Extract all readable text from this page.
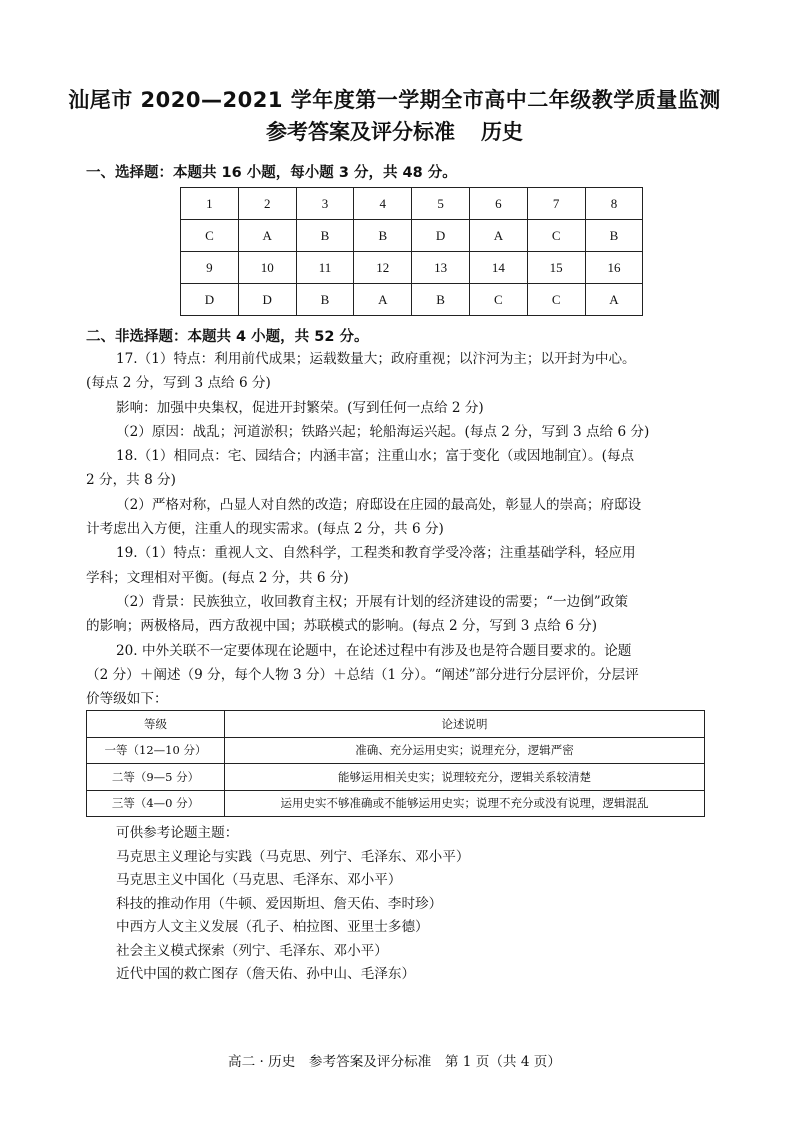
汕尾市 2020—2021 学年度第一学期全市高中二年级教学质量监测
参考答案及评分标准 历史
一、选择题：本题共 16 小题，每小题 3 分，共 48 分。
1	2	3	4	5	6	7	8
C	A	B	B	D	A	C	B
9	10	11	12	13	14	15	16
D	D	B	A	B	C	C	A
二、非选择题：本题共 4 小题，共 52 分。

17.（1）特点：利用前代成果；运载数量大；政府重视；以汴河为主；以开封为中心。

(每点 2 分，写到 3 点给 6 分)

影响：加强中央集权，促进开封繁荣。(写到任何一点给 2 分)

（2）原因：战乱；河道淤积；铁路兴起；轮船海运兴起。(每点 2 分，写到 3 点给 6 分)

18.（1）相同点：宅、园结合；内涵丰富；注重山水；富于变化（或因地制宜）。(每点

2 分，共 8 分)

（2）严格对称，凸显人对自然的改造；府邸设在庄园的最高处，彰显人的崇高；府邸设

计考虑出入方便，注重人的现实需求。(每点 2 分，共 6 分)

19.（1）特点：重视人文、自然科学，工程类和教育学受冷落；注重基础学科，轻应用

学科；文理相对平衡。(每点 2 分，共 6 分)

（2）背景：民族独立，收回教育主权；开展有计划的经济建设的需要；“一边倒”政策

的影响；两极格局，西方敌视中国；苏联模式的影响。(每点 2 分，写到 3 点给 6 分)

20. 中外关联不一定要体现在论题中，在论述过程中有涉及也是符合题目要求的。论题

（2 分）＋阐述（9 分，每个人物 3 分）＋总结（1 分）。“阐述”部分进行分层评价，分层评

价等级如下：

等级	论述说明
一等（12—10 分）	准确、充分运用史实；说理充分，逻辑严密
二等（9—5 分）	能够运用相关史实；说理较充分，逻辑关系较清楚
三等（4—0 分）	运用史实不够准确或不能够运用史实；说理不充分或没有说理，逻辑混乱

可供参考论题主题：

马克思主义理论与实践（马克思、列宁、毛泽东、邓小平）

马克思主义中国化（马克思、毛泽东、邓小平）

科技的推动作用（牛顿、爱因斯坦、詹天佑、李时珍）

中西方人文主义发展（孔子、柏拉图、亚里士多德）

社会主义模式探索（列宁、毛泽东、邓小平）

近代中国的救亡图存（詹天佑、孙中山、毛泽东）

高二 · 历史　参考答案及评分标准　第 1 页（共 4 页）
